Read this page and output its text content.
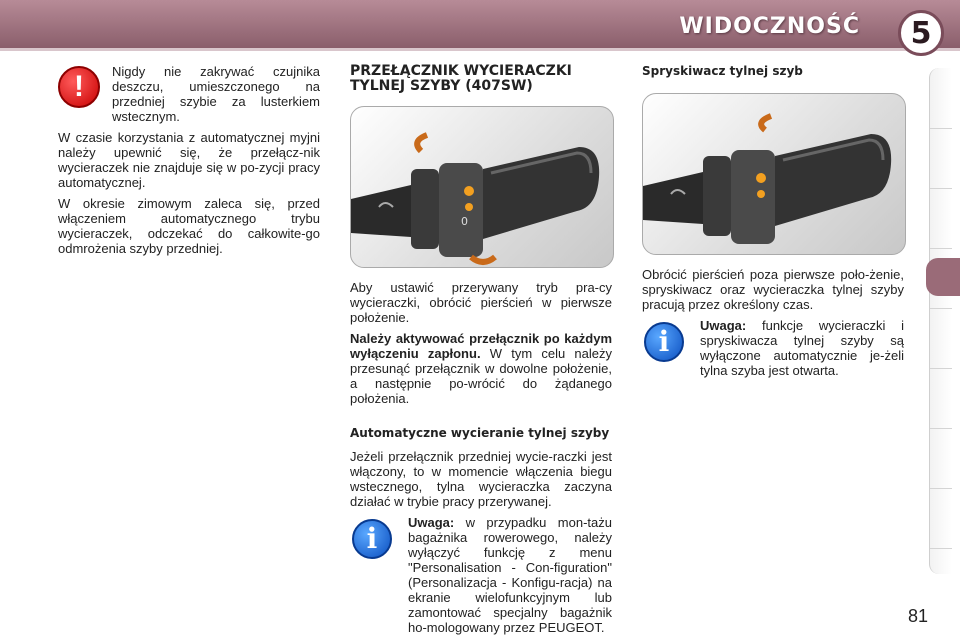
WIDOCZNOŚĆ	5
!	Nigdy nie zakrywać czujnika deszczu, umieszczonego na przedniej szybie za lusterkiem wstecznym.

W czasie korzystania z automatycznej myjni należy upewnić się, że przełącz-nik wycieraczek nie znajduje się w po-zycji pracy automatycznej.

W okresie zimowym zaleca się, przed włączeniem automatycznego trybu wycieraczek, odczekać do całkowite-go odmrożenia szyby przedniej.

PRZEŁĄCZNIK WYCIERACZKI TYLNEJ SZYBY (407SW)
0

Aby ustawić przerywany tryb pra-cy wycieraczki, obrócić pierścień w pierwsze położenie.

Należy aktywować przełącznik po każdym wyłączeniu zapłonu. W tym celu należy przesunąć przełącznik w dowolne położenie, a następnie po-wrócić do żądanego położenia.

Automatyczne wycieranie tylnej szyby

Jeżeli przełącznik przedniej wycie-raczki jest włączony, to w momencie włączenia biegu wstecznego, tylna wycieraczka zaczyna działać w trybie pracy przerywanej.

i	Uwaga: w przypadku mon-tażu bagażnika rowerowego, należy wyłączyć funkcję z menu "Personalisation - Con-figuration" (Personalizacja - Konfigu-racja) na ekranie wielofunkcyjnym lub zamontować specjalny bagażnik ho-mologowany przez PEUGEOT.

Spryskiwacz tylnej szyb

Obrócić pierścień poza pierwsze poło-żenie, spryskiwacz oraz wycieraczka tylnej szyby pracują przez określony czas.

i	Uwaga: funkcje wycieraczki i spryskiwacza tylnej szyby są wyłączone automatycznie je-żeli tylna szyba jest otwarta.

81
